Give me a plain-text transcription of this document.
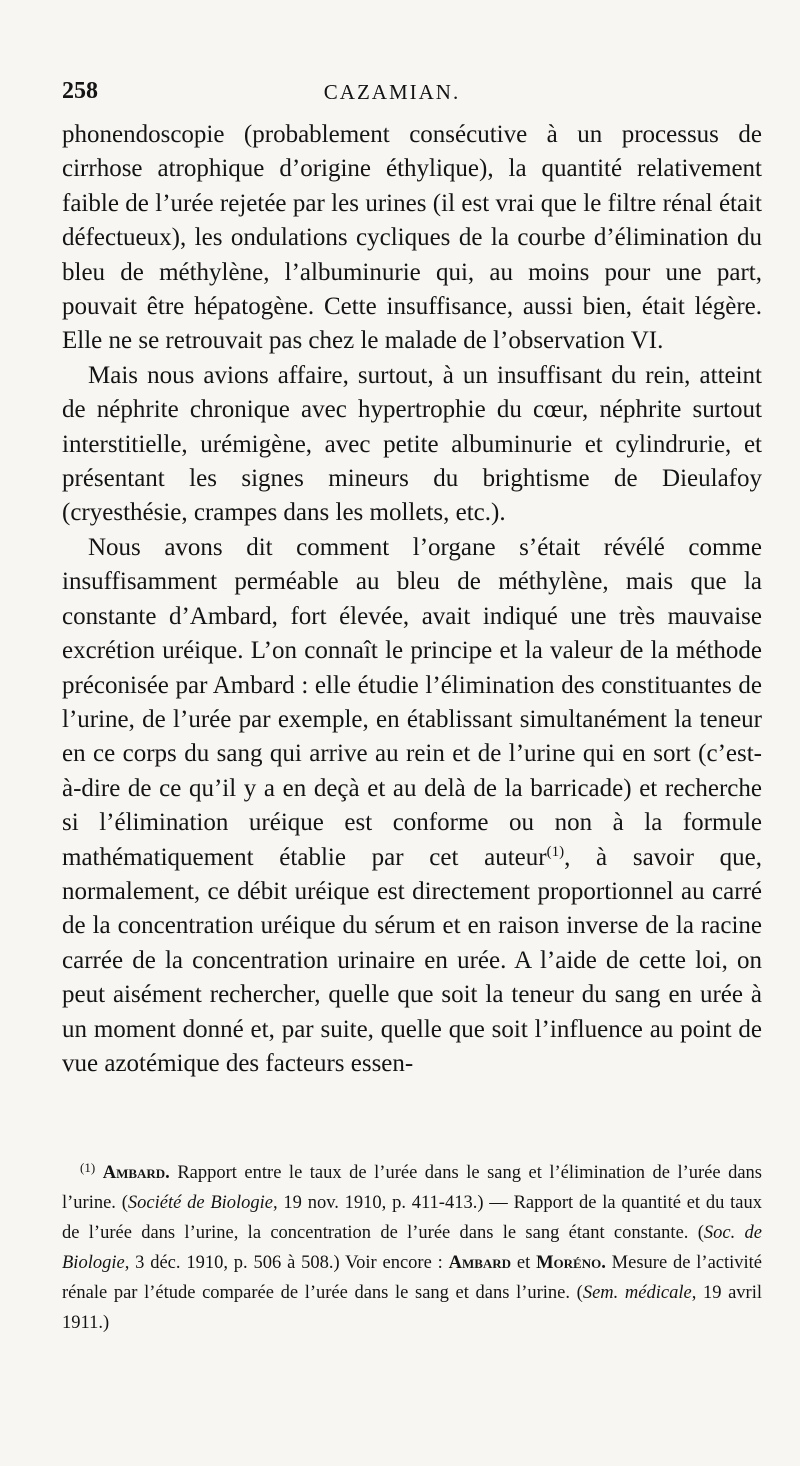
258	CAZAMIAN.

phonendoscopie (probablement consécutive à un processus de cirrhose atrophique d’origine éthylique), la quantité relativement faible de l’urée rejetée par les urines (il est vrai que le filtre rénal était défectueux), les ondulations cycliques de la courbe d’élimination du bleu de méthylène, l’albuminurie qui, au moins pour une part, pouvait être hépatogène. Cette insuffisance, aussi bien, était légère. Elle ne se retrouvait pas chez le malade de l’observation VI.

Mais nous avions affaire, surtout, à un insuffisant du rein, atteint de néphrite chronique avec hypertrophie du cœur, néphrite surtout interstitielle, urémigène, avec petite albuminurie et cylindrurie, et présentant les signes mineurs du brightisme de Dieulafoy (cryesthésie, crampes dans les mollets, etc.).

Nous avons dit comment l’organe s’était révélé comme insuffisamment perméable au bleu de méthylène, mais que la constante d’Ambard, fort élevée, avait indiqué une très mauvaise excrétion uréique. L’on connaît le principe et la valeur de la méthode préconisée par Ambard : elle étudie l’élimination des constituantes de l’urine, de l’urée par exemple, en établissant simultanément la teneur en ce corps du sang qui arrive au rein et de l’urine qui en sort (c’est-à-dire de ce qu’il y a en deçà et au delà de la barricade) et recherche si l’élimination uréique est conforme ou non à la formule mathématiquement établie par cet auteur$^{(1)}$, à savoir que, normalement, ce débit uréique est directement proportionnel au carré de la concentration uréique du sérum et en raison inverse de la racine carrée de la concentration urinaire en urée. A l’aide de cette loi, on peut aisément rechercher, quelle que soit la teneur du sang en urée à un moment donné et, par suite, quelle que soit l’influence au point de vue azotémique des facteurs essen-

$^{(1)}$ Ambard. Rapport entre le taux de l’urée dans le sang et l’élimination de l’urée dans l’urine. (Société de Biologie, 19 nov. 1910, p. 411-413.) — Rapport de la quantité et du taux de l’urée dans l’urine, la concentration de l’urée dans le sang étant constante. (Soc. de Biologie, 3 déc. 1910, p. 506 à 508.) Voir encore : Ambard et Moréno. Mesure de l’activité rénale par l’étude comparée de l’urée dans le sang et dans l’urine. (Sem. médicale, 19 avril 1911.)
